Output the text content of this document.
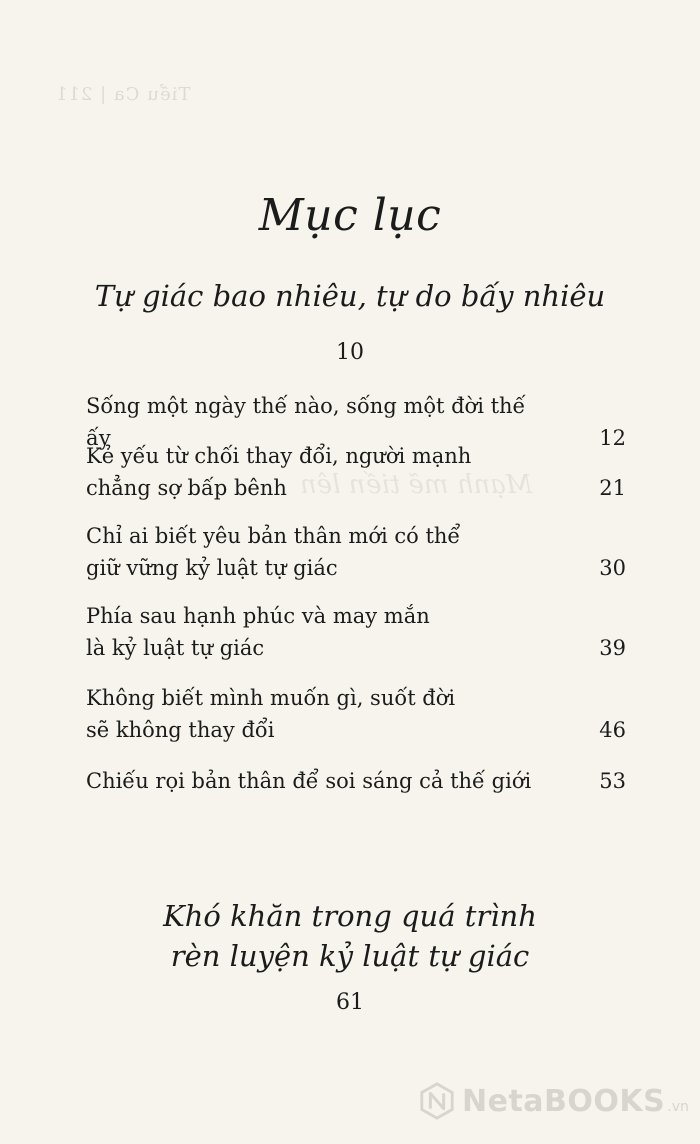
Tiểu Ca | 211
Mạnh mẽ tiến lên
Mục lục
Tự giác bao nhiêu, tự do bấy nhiêu
10
Sống một ngày thế nào, sống một đời thế ấy	12
Kẻ yếu từ chối thay đổi, người mạnh
chẳng sợ bấp bênh	21
Chỉ ai biết yêu bản thân mới có thể
giữ vững kỷ luật tự giác	30
Phía sau hạnh phúc và may mắn
là kỷ luật tự giác	39
Không biết mình muốn gì, suốt đời
sẽ không thay đổi	46
Chiếu rọi bản thân để soi sáng cả thế giới	53
Khó khăn trong quá trình
rèn luyện kỷ luật tự giác
61
NetaBOOKS .vn
